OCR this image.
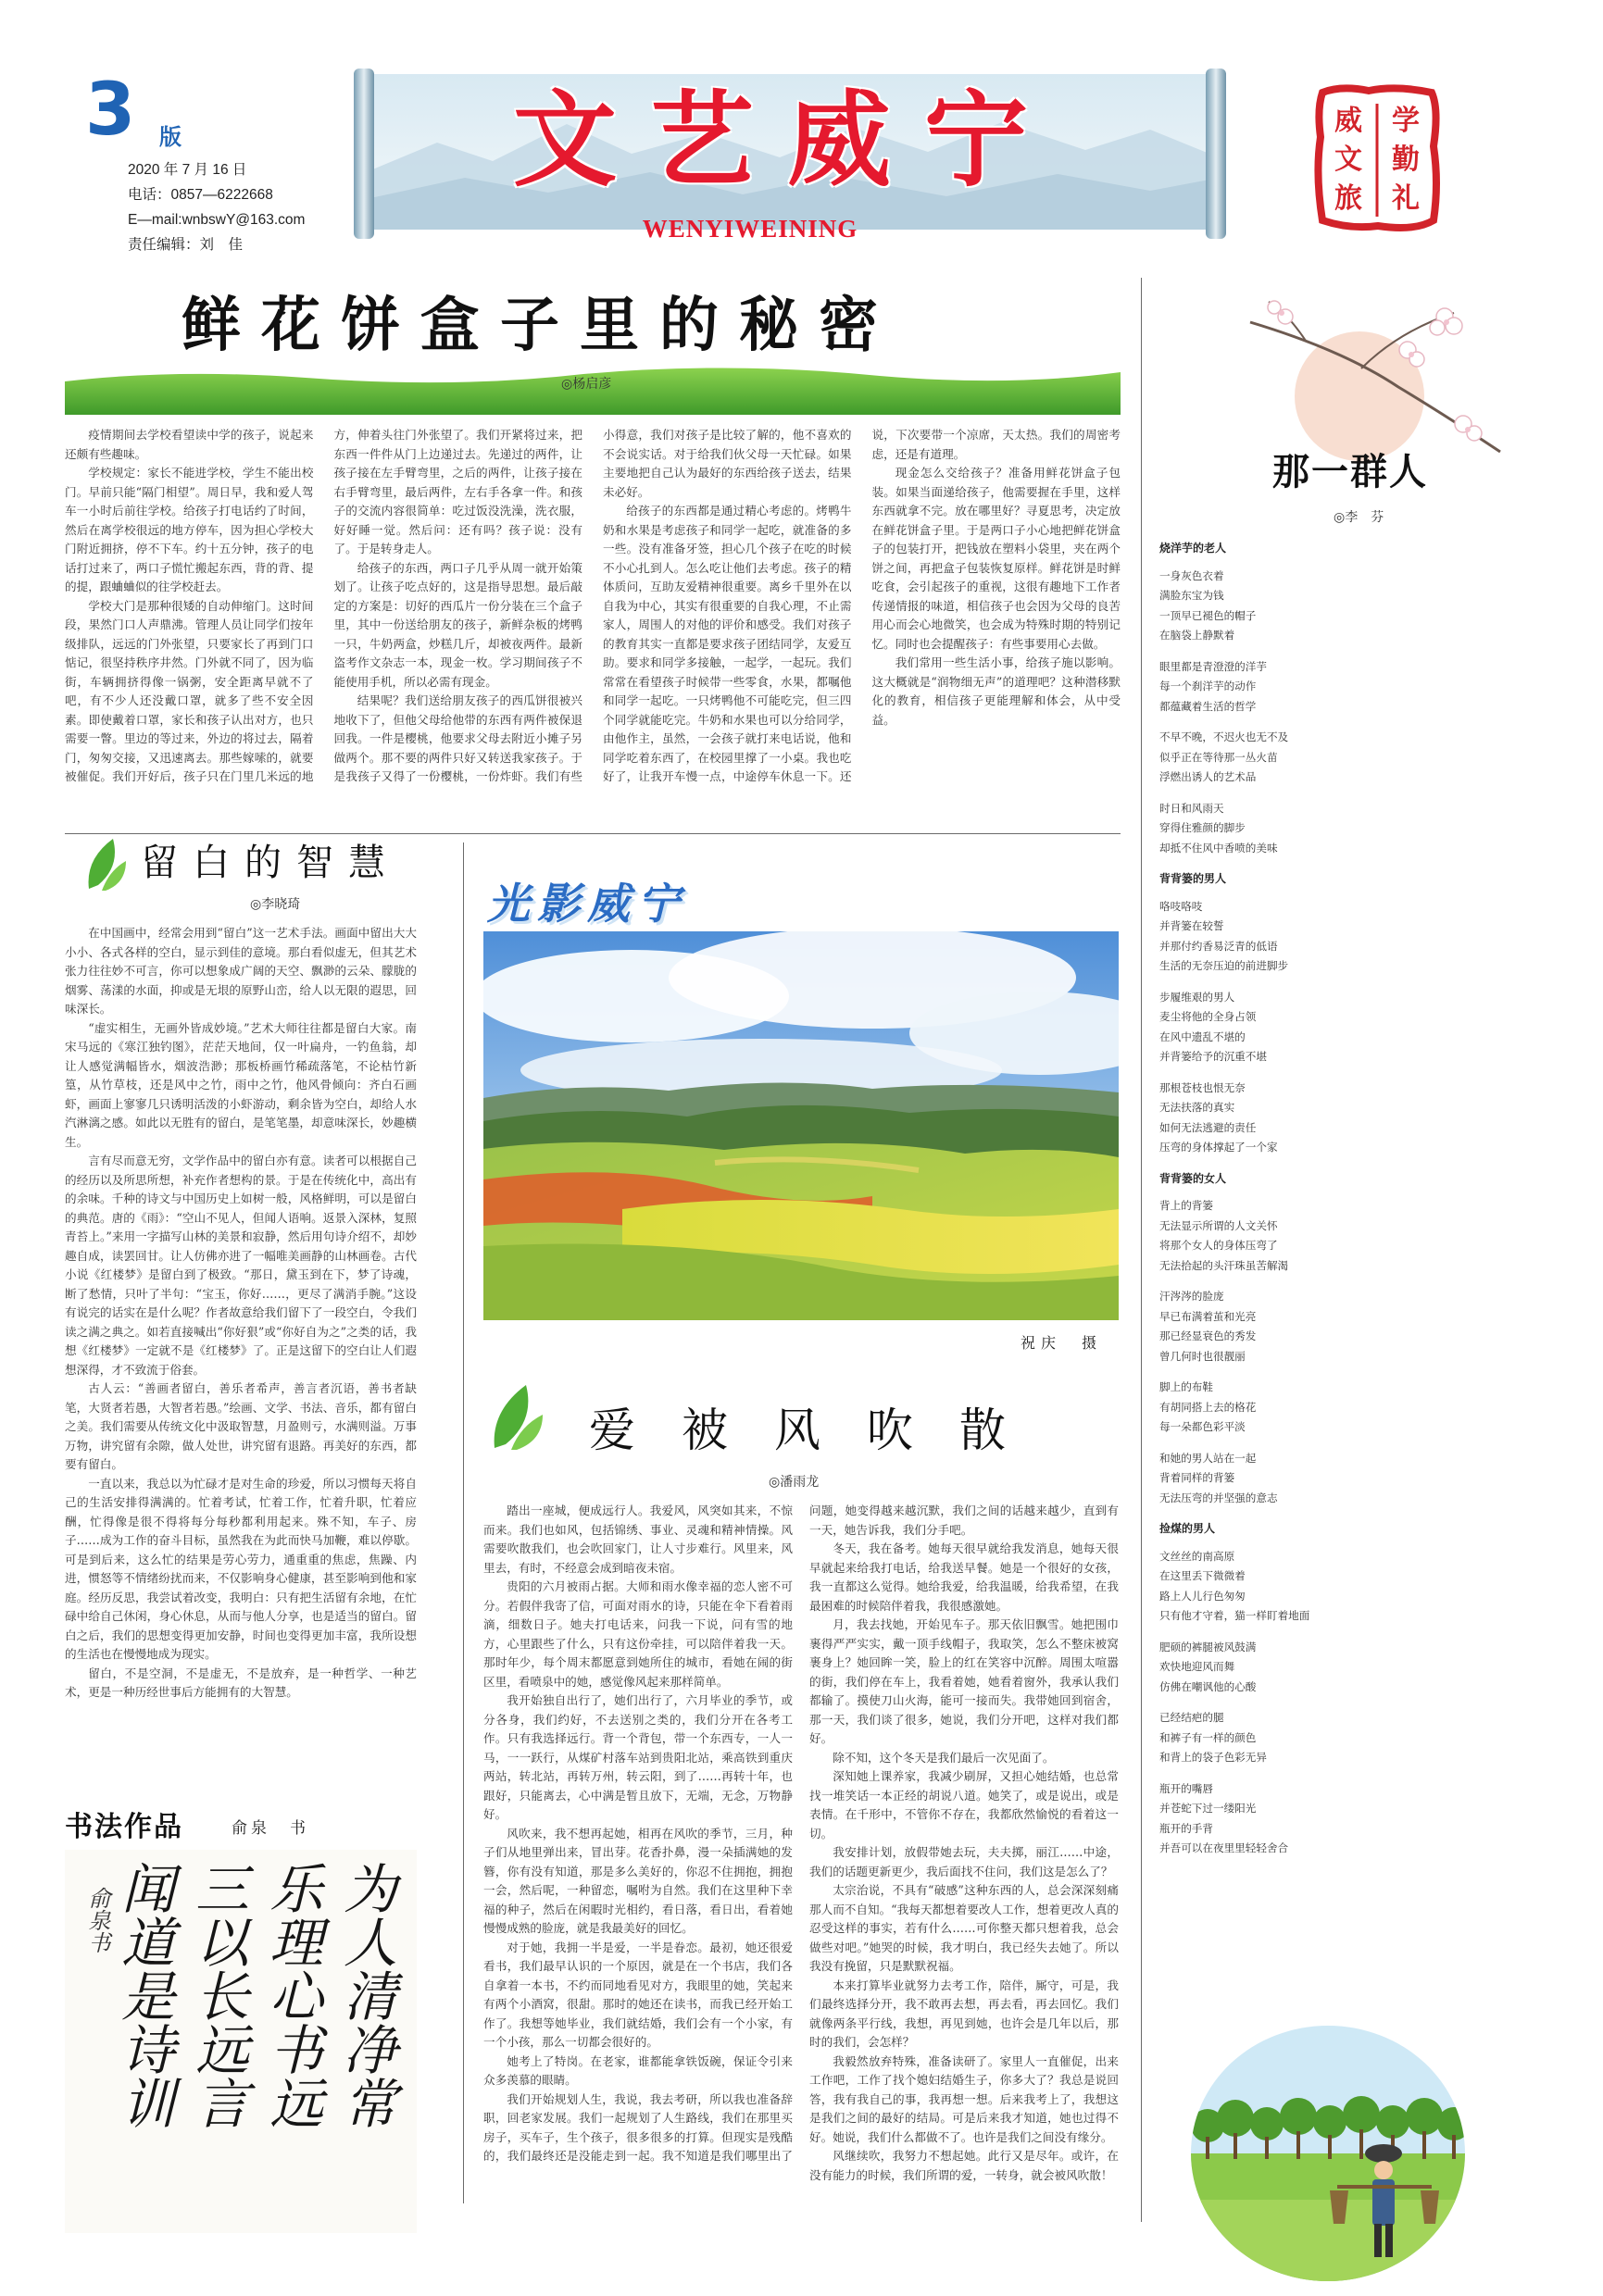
3 版
2020 年 7 月 16 日
电话：0857—6222668
E—mail:wnbswY@163.com
责任编辑：刘　佳
文艺威宁
WENYIWEINING
学
勤
礼
威
文
旅
鲜花饼盒子里的秘密
◎杨启彦

疫情期间去学校看望读中学的孩子，说起来还颇有些趣味。

学校规定：家长不能进学校，学生不能出校门。早前只能“隔门相望”。周日早，我和爱人驾车一小时后前往学校。给孩子打电话约了时间，然后在离学校很远的地方停车，因为担心学校大门附近拥挤，停不下车。约十五分钟，孩子的电话打过来了，两口子慌忙搬起东西，背的背、提的提，跟蛐蛐似的往学校赶去。

学校大门是那种很矮的自动伸缩门。这时间段，果然门口人声鼎沸。管理人员让同学们按年级排队，远远的门外张望，只要家长了再到门口惦记，很坚持秩序井然。门外就不同了，因为临街，车辆拥挤得像一锅粥，安全距离早就不了吧，有不少人还没戴口罩，就多了些不安全因素。即使戴着口罩，家长和孩子认出对方，也只需要一瞥。里边的等过来，外边的将过去，隔着门，匆匆交接，又迅速离去。那些嫁嗦的，就要被催促。我们开好后，孩子只在门里几米远的地方，伸着头往门外张望了。我们开紧将过来，把东西一件件从门上边递过去。先递过的两件，让孩子接在左手臂弯里，之后的两件，让孩子接在右手臂弯里，最后两件，左右手各拿一件。和孩子的交流内容很简单：吃过饭没洗澡，洗衣服，好好睡一觉。然后问：还有吗？孩子说：没有了。于是转身走人。

给孩子的东西，两口子几乎从周一就开始策划了。让孩子吃点好的，这是指导思想。最后敲定的方案是：切好的西瓜片一份分装在三个盒子里，其中一份送给朋友的孩子，新鲜杂板的烤鸭一只，牛奶两盒，炒糕几斤，却被夜两件。最新盗考作文杂志一本，现金一枚。学习期间孩子不能使用手机，所以必需有现金。

结果呢？我们送给朋友孩子的西瓜饼很被兴地收下了，但他父母给他带的东西有两件被保退回我。一件是樱桃，他要求父母去附近小摊子另做两个。那不要的两件只好又转送我家孩子。于是我孩子又得了一份樱桃，一份炸虾。我们有些小得意，我们对孩子是比较了解的，他不喜欢的不会说实话。对于给我们伙父母一天忙碌。如果主要地把自己认为最好的东西给孩子送去，结果未必好。

给孩子的东西都是通过精心考虑的。烤鸭牛奶和水果是考虑孩子和同学一起吃，就准备的多一些。没有准备牙签，担心几个孩子在吃的时候不小心扎到人。怎么吃让他们去考虑。孩子的精体质问，互助友爱精神很重要。离乡千里外在以自我为中心，其实有很重要的自我心理，不止需家人，周围人的对他的评价和感受。我们对孩子的教育其实一直都是要求孩子团结同学，友爱互助。要求和同学多接触，一起学，一起玩。我们常常在看望孩子时候带一些零食，水果，都嘱他和同学一起吃。一只烤鸭他不可能吃完，但三四个同学就能吃完。牛奶和水果也可以分给同学，由他作主，虽然，一会孩子就打来电话说，他和同学吃着东西了，在校园里撑了一小桌。我也吃好了，让我开车慢一点，中途停车休息一下。还说，下次要带一个凉席，天太热。我们的周密考虑，还是有道理。

现金怎么交给孩子？准备用鲜花饼盒子包装。如果当面递给孩子，他需要握在手里，这样东西就拿不完。放在哪里好？寻夏思考，决定放在鲜花饼盒子里。于是两口子小心地把鲜花饼盒子的包装打开，把钱放在塑料小袋里，夹在两个饼之间，再把盒子包装恢复原样。鲜花饼是时鲜吃食，会引起孩子的重视，这很有趣地下工作者传递情报的味道，相信孩子也会因为父母的良苦用心而会心地微笑，也会成为特殊时期的特别记忆。同时也会提醒孩子：有些事要用心去做。

我们常用一些生活小事，给孩子施以影响。这大概就是“润物细无声”的道理吧？这种潜移默化的教育，相信孩子更能理解和体会，从中受益。

留白的智慧
◎李晓琦

在中国画中，经常会用到“留白”这一艺术手法。画面中留出大大小小、各式各样的空白，显示到佳的意境。那白看似虚无，但其艺术张力往往妙不可言，你可以想象成广阔的天空、飘渺的云朵、朦胧的烟雾、荡漾的水面，抑或是无垠的原野山峦，给人以无限的遐思，回味深长。

“虚实相生，无画外皆成妙境。”艺术大师往往都是留白大家。南宋马远的《寒江独钓图》，茫茫天地间，仅一叶扁舟，一钓鱼翁，却让人感觉满幅皆水，烟波浩渺；那板桥画竹稀疏落笔，不论枯竹新篁，从竹草枝，还是风中之竹，雨中之竹，他风骨倾向：齐白石画虾，画面上寥寥几只诱明活泼的小虾游动，剩余皆为空白，却给人水汽淋漓之感。如此以无胜有的留白，是笔笔墨，却意味深长，妙趣横生。

言有尽而意无穷，文学作品中的留白亦有意。读者可以根据自己的经历以及所思所想，补充作者想构的景。于是在传统化中，高出有的余味。千种的诗文与中国历史上如树一般，风格鲜明，可以是留白的典范。唐的《雨》：“空山不见人，但闻人语响。返景入深林，复照青苔上。”来用一字描写山林的美景和寂静，然后用句诗介绍不，却妙趣自成，读罢回甘。让人仿佛亦进了一幅唯美画静的山林画卷。古代小说《红楼梦》是留白到了极致。“那日，黛玉到在下，梦了诗魂，断了愁情，只叶了半句：“宝玉，你好……，更尽了满消手腕。”这设有说完的话实在是什么呢？作者故意给我们留下了一段空白，令我们读之满之典之。如若直接喊出“你好狠”或“你好自为之”之类的话，我想《红楼梦》一定就不是《红楼梦》了。正是这留下的空白让人们遐想深得，才不致流于俗套。

古人云：“善画者留白，善乐者希声，善言者沉语，善书者缺笔，大贤者若愚，大智者若愚。”绘画、文学、书法、音乐，都有留白之美。我们需要从传统文化中汲取智慧，月盈则亏，水满则溢。万事万物，讲究留有余隙，做人处世，讲究留有退路。再美好的东西，都要有留白。

一直以来，我总以为忙碌才是对生命的珍爱，所以习惯每天将自己的生活安排得满满的。忙着考试，忙着工作，忙着升职，忙着应酬，忙得像是很不得将每分每秒都利用起来。殊不知，车子、房子……成为工作的奋斗目标，虽然我在为此而快马加鞭，难以停歇。可是到后来，这么忙的结果是劳心劳力，通重重的焦虑，焦躁、内进，惯怒等不情绪纷扰而来，不仅影响身心健康，甚至影响到他和家庭。经历反思，我尝试着改变，我明白：只有把生活留有余地，在忙碌中给自己休闲，身心休息，从而与他人分享，也是适当的留白。留白之后，我们的思想变得更加安静，时间也变得更加丰富，我所设想的生活也在慢慢地成为现实。

留白，不是空洞，不是虚无，不是放弃，是一种哲学、一种艺术，更是一种历经世事后方能拥有的大智慧。

书法作品	俞泉　书
为人清净常
乐理心书远
三以长远言
闻道是诗训
俞泉书
光影威宁
祝庆　摄
爱被风吹散
◎潘雨龙

踏出一座城，便成远行人。我爱风，风突如其来，不惊而来。我们也如风，包括锦绣、事业、灵魂和精神情操。风需要吹散我们，也会吹回家门，让人寸步难行。风里来，风里去，有时，不经意会成到暗夜未宿。

贵阳的六月被雨占据。大师和雨水像幸福的恋人密不可分。若假伴我寄了信，可面对雨水的诗，只能在伞下看着雨滴，细数日子。她夫打电话来，问我一下说，问有雪的地方，心里跟些了什么，只有这份牵挂，可以陪伴着我一天。那时年少，每个周末都愿意到她所住的城市，看她在闹的街区里，看喷泉中的她，感觉像风起来那样简单。

我开始独自出行了，她们出行了，六月毕业的季节，或分各身，我们约好，不去送别之类的，我们分开在各考工作。只有我选择远行。背一个背包，带一个东西专，一人一马，一一跃行，从煤矿村落车站到贵阳北站，乘高铁到重庆两站，转北站，再转万州，转云阳，到了……再转十年，也跟好，只能离去，心中满是暂且放下，无端，无念，万物静好。

风吹来，我不想再起她，相再在风吹的季节，三月，种子们从地里弹出来，冒出芽。花香扑鼻，漫一朵插满她的发簪，你有没有知道，那是多么美好的，你忍不住拥抱，拥抱一会，然后呢，一种留恋，嘱咐为自然。我们在这里种下幸福的种子，然后在闲暇时光相约，看日落，看日出，看着她慢慢成熟的脸庞，就是我最美好的回忆。

对于她，我拥一半是爱，一半是眷恋。最初，她还很爱看书，我们最早认识的一个原因，就是在一个书店，我们各自拿着一本书，不约而同地看见对方，我眼里的她，笑起来有两个小酒窝，很甜。那时的她还在读书，而我已经开始工作了。我想等她毕业，我们就结婚，我们会有一个小家，有一个小孩，那么一切都会很好的。

她考上了特岗。在老家，谁都能拿铁饭碗，保证令引来众多羡慕的眼睛。

我们开始规划人生，我说，我去考研，所以我也准备辞职，回老家发展。我们一起规划了人生路线，我们在那里买房子，买车子，生个孩子，很多很多的打算。但现实是残酷的，我们最终还是没能走到一起。我不知道是我们哪里出了问题，她变得越来越沉默，我们之间的话越来越少，直到有一天，她告诉我，我们分手吧。

冬天，我在备考。她每天很早就给我发消息，她每天很早就起来给我打电话，给我送早餐。她是一个很好的女孩，我一直都这么觉得。她给我爱，给我温暖，给我希望，在我最困难的时候陪伴着我，我很感激她。

月，我去找她，开始见车子。那天依旧飘雪。她把围巾裹得严严实实，戴一顶手线帽子，我取笑，怎么不整床被窝裹身上？她回眸一笑，脸上的红在笑容中沉醉。周围太喧嚣的街，我们停在车上，我看着她，她看着窗外，我承认我们都输了。摸使刀山火海，能可一接而失。我带她回到宿舍，那一天，我们谈了很多，她说，我们分开吧，这样对我们都好。

除不知，这个冬天是我们最后一次见面了。

深知她上课养家，我减少刷屏，又担心她结婚，也总常找一堆笑话一本正经的胡说八道。她笑了，或是说出，或是表情。在千形中，不管你不存在，我都欣然愉悦的看着这一切。

我安排计划，放假带她去玩，夫夫掷，丽江……中途，我们的话题更新更少，我后面找不住问，我们这是怎么了？

太宗治说，不具有“破感”这种东西的人，总会深深刻痛那人而不自知。“我每天都想着要改人工作，想着更改人真的忍受这样的事实，若有什么……可你整天都只想着我，总会做些对吧。”她哭的时候，我才明白，我已经失去她了。所以我没有挽留，只是默默祝福。

本来打算毕业就努力去考工作，陪伴，厮守，可是，我们最终选择分开，我不敢再去想，再去看，再去回忆。我们就像两条平行线，我想，再见到她，也许会是几年以后，那时的我们，会怎样？

我毅然放弃特殊，准备读研了。家里人一直催促，出来工作吧，工作了找个媳妇结婚生子，你多大了？我总是说回答，我有我自己的事，我再想一想。后来我考上了，我想这是我们之间的最好的结局。可是后来我才知道，她也过得不好。她说，我们什么都做不了。也许是我们之间没有缘分。

风继续吹，我努力不想起她。此行又是尽年。或许，在没有能力的时候，我们所谓的爱，一转身，就会被风吹散！

那一群人
◎李　芬
烧洋芋的老人
一身灰色衣着
满脸东宝为钱
一顶早已褪色的帽子
在脑袋上静默着
眼里都是青澄澄的洋芋
每一个刹洋芋的动作
都蕴藏着生活的哲学
不早不晚，不迟火也无不及
似乎正在等待那一丛火苗
浮燃出诱人的艺术品
时日和风雨天
穿得住雅颜的脚步
却抵不住风中香喷的美味
背背篓的男人
咯吱咯吱
并背篓在较誓
并那付约香易泛青的低语
生活的无奈压迫的前进脚步
步履维艰的男人
麦尘将他的全身占领
在风中遗乱不堪的
并背篓给予的沉重不堪
那根苍枝也恨无奈
无法扶落的真实
如何无法逃避的责任
压弯的身体撑起了一个家
背背篓的女人
背上的背篓
无法显示所谓的人文关怀
将那个女人的身体压弯了
无法拾起的头汗珠虽苦解渴
汗涔涔的脸庞
早已布满着茧和光亮
那已经显衰色的秀发
曾几何时也很靓丽
脚上的布鞋
有胡同搭上去的格花
每一朵都色彩平淡
和她的男人站在一起
背着同样的背篓
无法压弯的并坚强的意志
捡煤的男人
文丝丝的南高原
在这里丢下微微着
路上人儿行色匆匆
只有他才守着，猫一样盯着地面
肥硕的裤腿被风鼓满
欢快地迎风而舞
仿佛在嘲讽他的心酸
已经结疤的腿
和裤子有一样的颜色
和背上的袋子色彩无异
瓶开的嘴唇
并苍蛇下过一缕阳光
瓶开的手背
并吾可以在夜里里轻轻舍合
